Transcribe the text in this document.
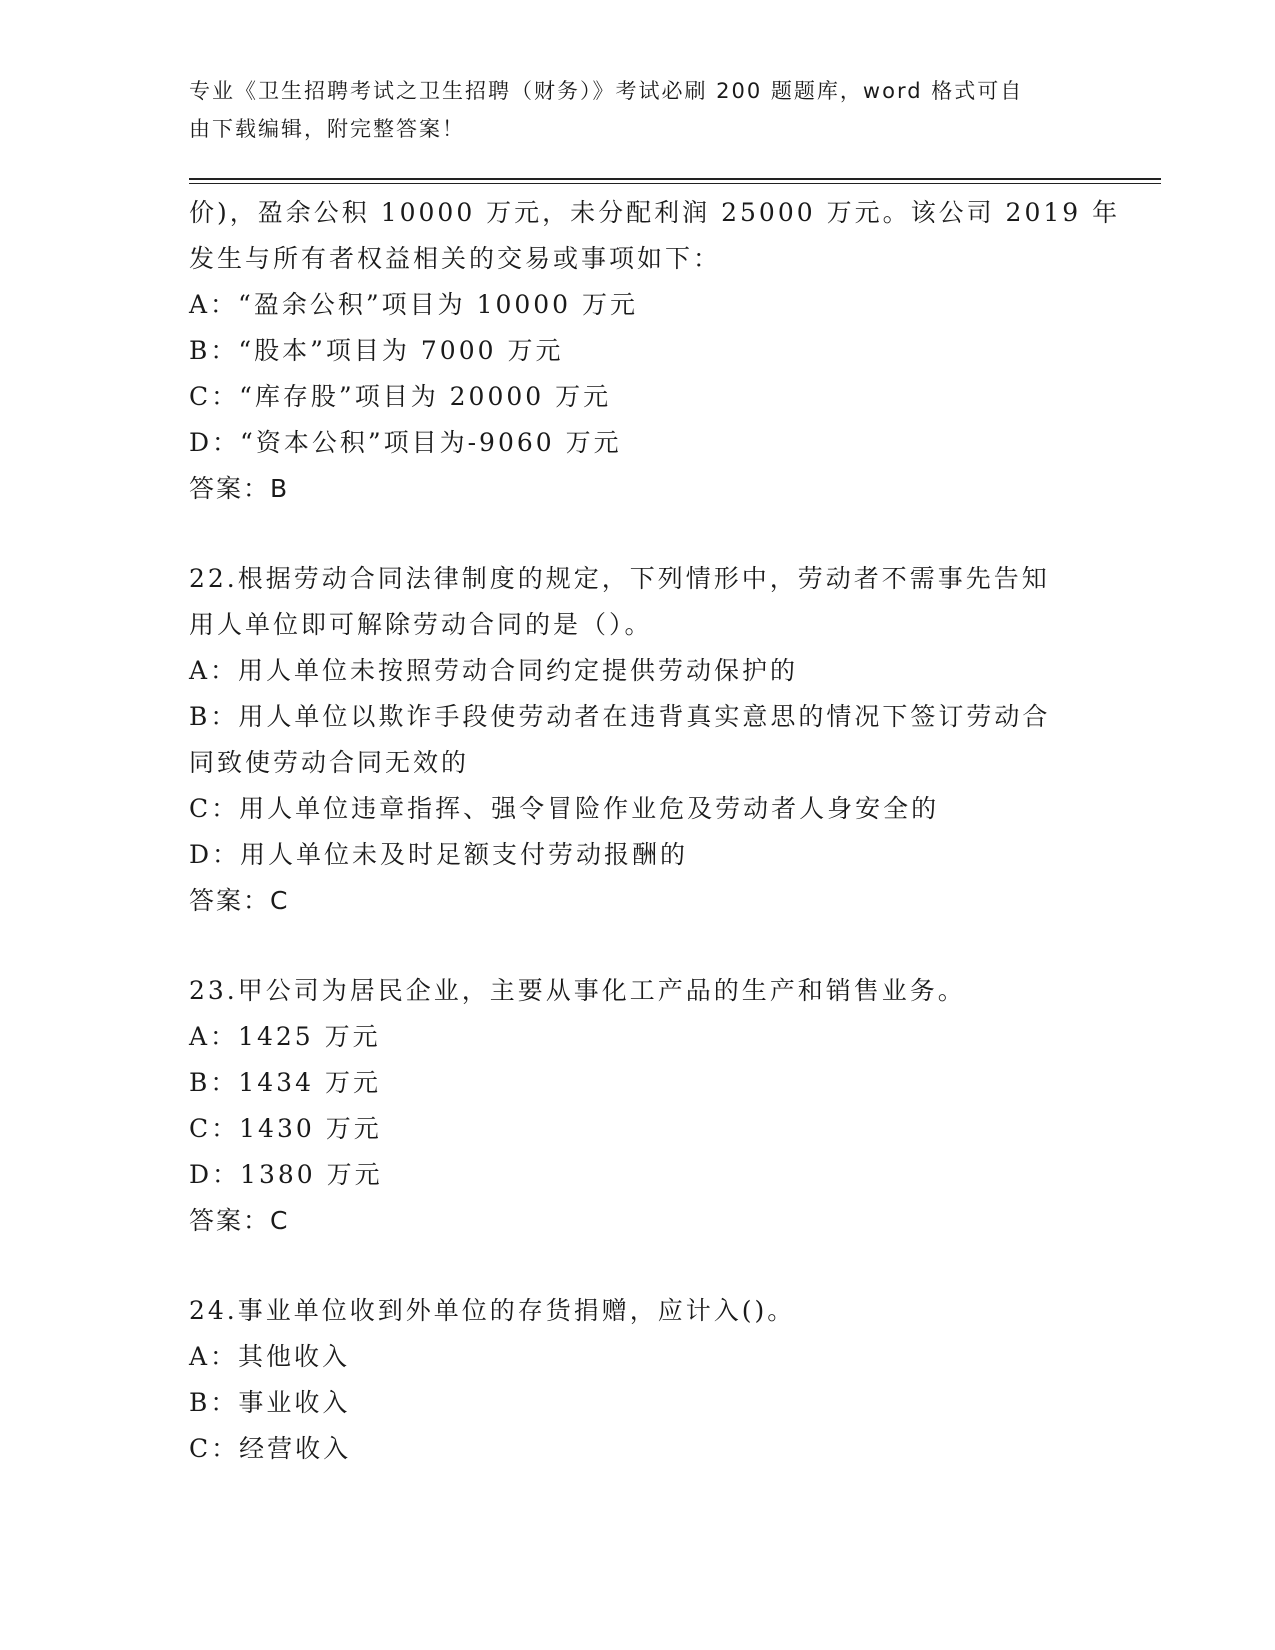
专业《卫生招聘考试之卫生招聘（财务）》考试必刷 200 题题库，word 格式可自
由下载编辑，附完整答案！
价)，盈余公积 10000 万元，未分配利润 25000 万元。该公司 2019 年
发生与所有者权益相关的交易或事项如下：
A：“盈余公积”项目为 10000 万元
B：“股本”项目为 7000 万元
C：“库存股”项目为 20000 万元
D：“资本公积”项目为-9060 万元
答案：B
22.根据劳动合同法律制度的规定，下列情形中，劳动者不需事先告知
用人单位即可解除劳动合同的是（）。
A：用人单位未按照劳动合同约定提供劳动保护的
B：用人单位以欺诈手段使劳动者在违背真实意思的情况下签订劳动合
同致使劳动合同无效的
C：用人单位违章指挥、强令冒险作业危及劳动者人身安全的
D：用人单位未及时足额支付劳动报酬的
答案：C
23.甲公司为居民企业，主要从事化工产品的生产和销售业务。
A：1425 万元
B：1434 万元
C：1430 万元
D：1380 万元
答案：C
24.事业单位收到外单位的存货捐赠，应计入()。
A：其他收入
B：事业收入
C：经营收入
